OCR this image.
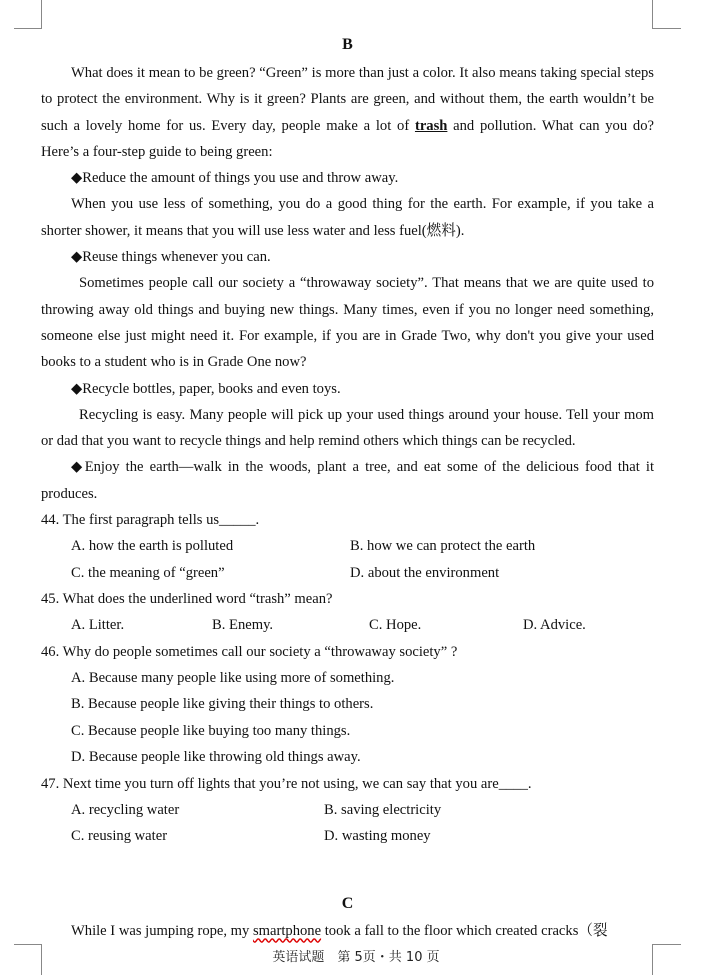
B
What does it mean to be green? “Green” is more than just a color. It also means taking special steps to protect the environment. Why is it green? Plants are green, and without them, the earth wouldn’t be such a lovely home for us. Every day, people make a lot of trash and pollution. What can you do? Here’s a four-step guide to being green:
◆Reduce the amount of things you use and throw away.
When you use less of something, you do a good thing for the earth. For example, if you take a shorter shower, it means that you will use less water and less fuel(燃料).
◆Reuse things whenever you can.
Sometimes people call our society a “throwaway society”. That means that we are quite used to throwing away old things and buying new things. Many times, even if you no longer need something, someone else just might need it. For example, if you are in Grade Two, why don't you give your used books to a student who is in Grade One now?
◆Recycle bottles, paper, books and even toys.
Recycling is easy. Many people will pick up your used things around your house. Tell your mom or dad that you want to recycle things and help remind others which things can be recycled.
◆Enjoy the earth—walk in the woods, plant a tree, and eat some of the delicious food that it produces.
44. The first paragraph tells us_____.
A. how the earth is polluted	B. how we can protect the earth
C. the meaning of “green”	D. about the environment
45. What does the underlined word “trash” mean?
A. Litter.	B. Enemy.	C. Hope.	D. Advice.
46. Why do people sometimes call our society a “throwaway society” ?
A. Because many people like using more of something.
B. Because people like giving their things to others.
C. Because people like buying too many things.
D. Because people like throwing old things away.
47. Next time you turn off lights that you’re not using, we can say that you are____.
A. recycling water	B. saving electricity
C. reusing water	D. wasting money
C
While I was jumping rope, my smartphone took a fall to the floor which created cracks（裂
英语试题　第 5页・共 10 页
